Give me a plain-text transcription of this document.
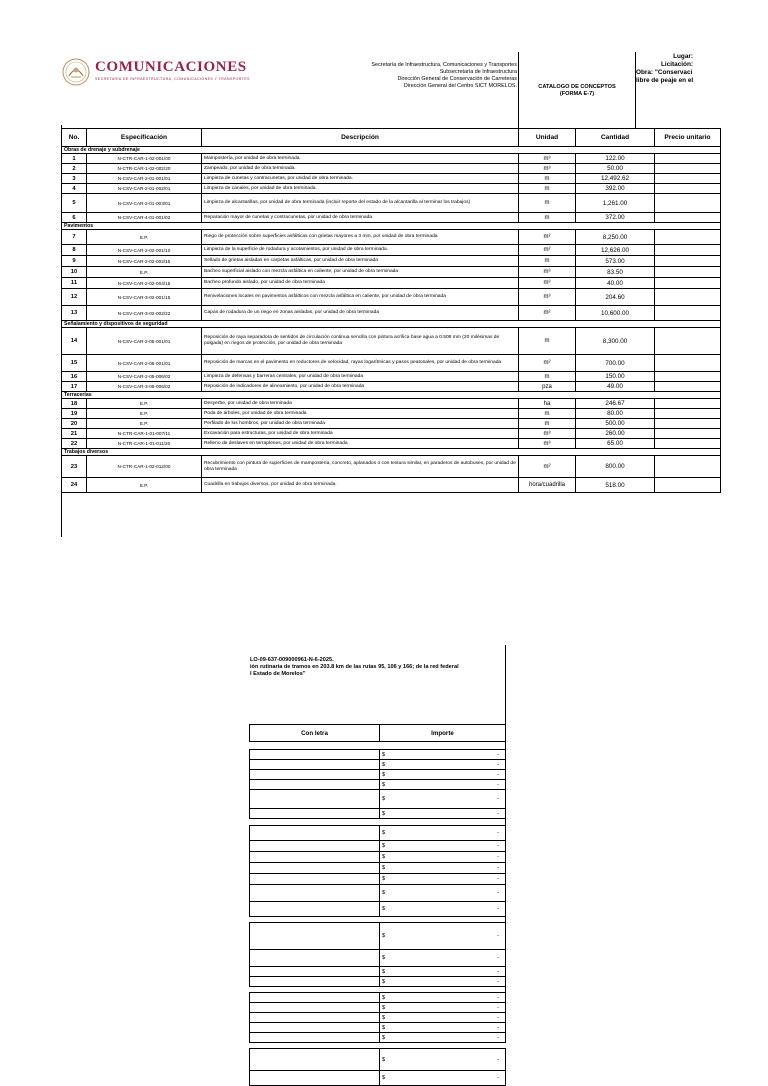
COMUNICACIONES
SECRETARÍA DE INFRAESTRUCTURA, COMUNICACIONES Y TRANSPORTES
Secretaría de Infraestructura, Comunicaciones y Transportes
Subsecretaría de Infraestructura
Dirección General de Conservación de Carreteras
Dirección General del Centro SICT MORELOS.	CATALOGO DE CONCEPTOS
(FORMA E-7)
Lugar:
Licitación:
Obra: "Conservaci
libre de peaje en el
No.	Especificación	Descripción	Unidad	Cantidad	Precio unitario
Obras de drenaje y subdrenaje					
1	N-CTR-CAR-1-02-001/00	Mampostería, por unidad de obra terminada.	m³	122.00	
2	N-CTR-CAR-1-02-002/20	Zampeado, por unidad de obra terminada.	m³	50.00	
3	N-CSV-CAR-2-01-001/01	Limpieza de cunetas y contracunetas, por unidad de obra terminada.	m	12,492.62	
4	N-CSV-CAR-2-01-002/01	Limpieza de canales, por unidad de obra terminada.	m	392.00	
5	N-CSV-CAR-2-01-003/01	Limpieza de alcantarillas, por unidad de obra terminada (incluir reporte del estado de la alcantarilla al terminar los trabajos)	m	1,261.00	
6	N-CSV-CAR-4-01-001/02	Reparación mayor de cunetas y contracunetas, por unidad de obra terminada.	m	372.00	
Pavimentos					
7	E.P.	Riego de protección sobre superficies asfálticas con grietas mayores a 3 mm, por unidad de obra terminada	m²	8,250.00	
8	N-CSV-CAR-2-02-001/10	Limpieza de la superficie de rodadura y acotamientos, por unidad de obra terminada.	m²	12,626.00	
9	N-CSV-CAR-2-02-002/15	Sellado de grietas aisladas en carpetas asfálticas, por unidad de obra terminada	m	573.00	
10	E.P.	Bacheo superficial aislado con mezcla asfáltica en caliente, por unidad de obra terminada	m³	83.50	
11	N-CSV-CAR-2-02-004/15	Bacheo profundo aislado, por unidad de obra terminada	m³	40.00	
12	N-CSV-CAR-3-02-001/15	Renivelaciones locales en pavimentos asfálticos con mezcla asfáltica en caliente, por unidad de obra terminada	m³	204.60	
13	N-CSV-CAR-3-02-002/22	Capas de rodadura de un riego en zonas aisladas, por unidad de obra terminada	m²	10,600.00	
Señalamiento y dispositivos de seguridad					
14	N-CSV-CAR-2-05-001/01	Reposición de raya separadora de sentidos de circulación continua sencilla con pintura acrílica base agua a 0.508 mm (20 milésimas de pulgada) en riegos de protección, por unidad de obra terminada	m	8,300.00	
15	N-CSV-CAR-2-05-001/01	Reposición de marcas en el pavimento en reductores de velocidad, rayas logarítmicas y pasos peatonales, por unidad de obra terminada	m²	700.00	
16	N-CSV-CAR-2-05-006/02	Limpieza de defensas y barreras centrales, por unidad de obra terminada	m	150.00	
17	N-CSV-CAR-3-05-006/02	Reposición de indicadores de alineamiento, por unidad de obra terminada	pza	49.00	
Terracerías					
18	E.P.	Desyerbe, por unidad de obra terminada	ha	246.67	
19	E.P.	Poda de árboles, por unidad de obra terminada	m	80.00	
20	E.P.	Perfilado de los hombros, por unidad de obra terminada	m	500.00	
21	N-CTR-CAR-1-01-007/11	Excavación para estructuras, por unidad de obra terminada	m³	260.00	
22	N-CTR-CAR-1-01-011/20	Relleno de deslaves en terraplenes, por unidad de obra terminada	m³	65.00	
Trabajos diversos					
23	N-CTR-CAR-1-02-012/00	Recubrimiento con pintura de superficies de mampostería, concreto, aplanados o con textura similar, en paraderos de autobuses, por unidad de obra terminada	m²	800.00	
24	E.P.	Cuadrilla en trabajos diversos, por unidad de obra terminada.	hora/cuadrilla	518.00	
LO-09-637-009000961-N-6-2025.
ión rutinaria de tramos en 203.8 km de las rutas 95, 106 y 166; de la red federal
l Estado de Morelos"
Con letra	Importe

	$ -

	$ -

	$ -

	$ -

	$ -

	$ -

	$ -

	$ -

	$ -

	$ -

	$ -

	$ -

	$ -

	$ -

	$ -

	$ -

	$ -

	$ -

	$ -

	$ -

	$ -

	$ -

	$ -

	$ -
